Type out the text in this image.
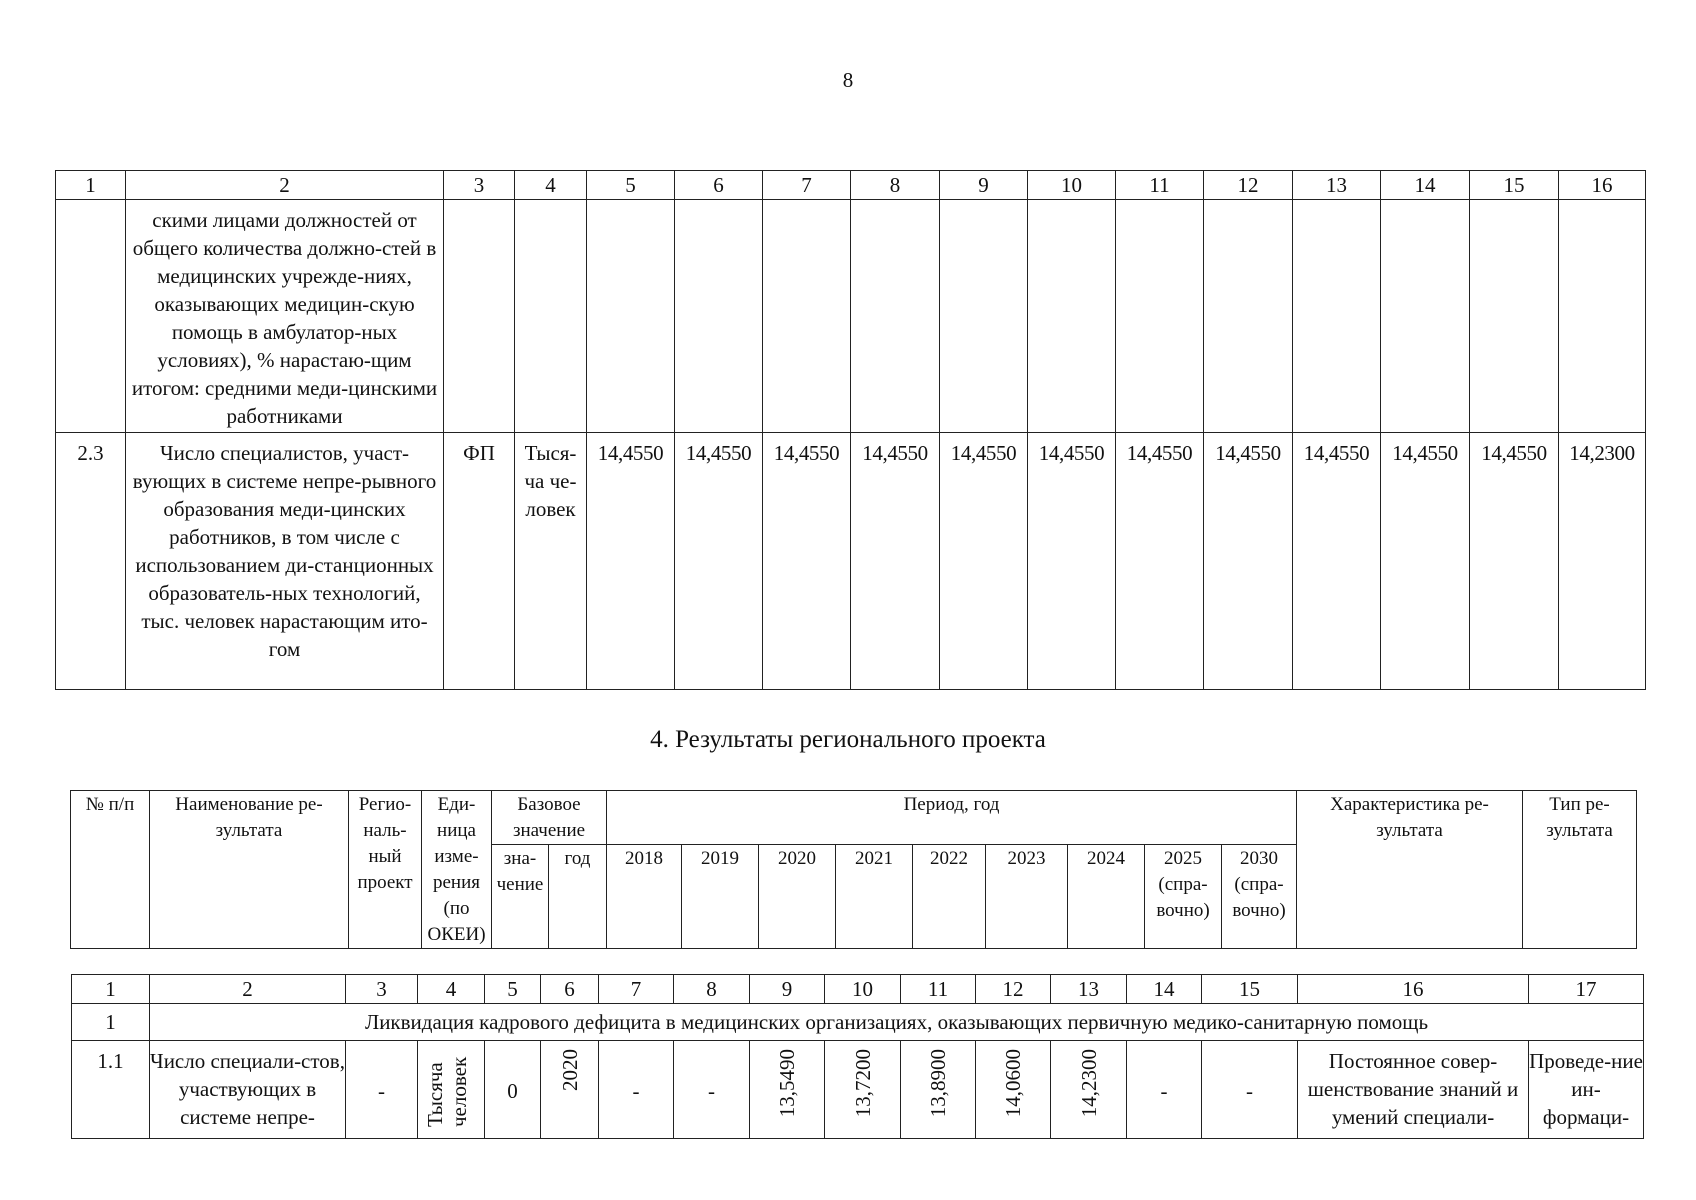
8
1	2	3	4	5	6	7	8	9	10	11	12	13	14	15	16
	скими лицами должностей от общего количества должно-стей в медицинских учрежде-ниях, оказывающих медицин-скую помощь в амбулатор-ных условиях), % нарастаю-щим итогом: средними меди-цинскими работниками														
2.3	Число специалистов, участ-вующих в системе непре-рывного образования меди-цинских работников, в том числе с использованием ди-станционных образователь-ных технологий, тыс. человек нарастающим ито-гом	ФП	Тыся-ча че-ловек	14,4550	14,4550	14,4550	14,4550	14,4550	14,4550	14,4550	14,4550	14,4550	14,4550	14,4550	14,2300
4. Результаты регионального проекта
№ п/п	Наименование ре-зультата	Регио-наль-ный проект	Еди-ница изме-рения (по ОКЕИ)	Базовое значение		Период, год									Характеристика ре-зультата	Тип ре-зультата
				зна-чение	год	2018	2019	2020	2021	2022	2023	2024	2025 (спра-вочно)	2030 (спра-вочно)		

1	2	3	4	5	6	7	8	9	10	11	12	13	14	15	16	17
1	Ликвидация кадрового дефицита в медицинских организациях, оказывающих первичную медико-санитарную помощь															
1.1	Число специали-стов, участвующих в системе непре-	-	Тысяча человек	0	2020	-	-	13,5490	13,7200	13,8900	14,0600	14,2300	-	-	Постоянное совер-шенствование знаний и умений специали-	Проведе-ние ин-формаци-
